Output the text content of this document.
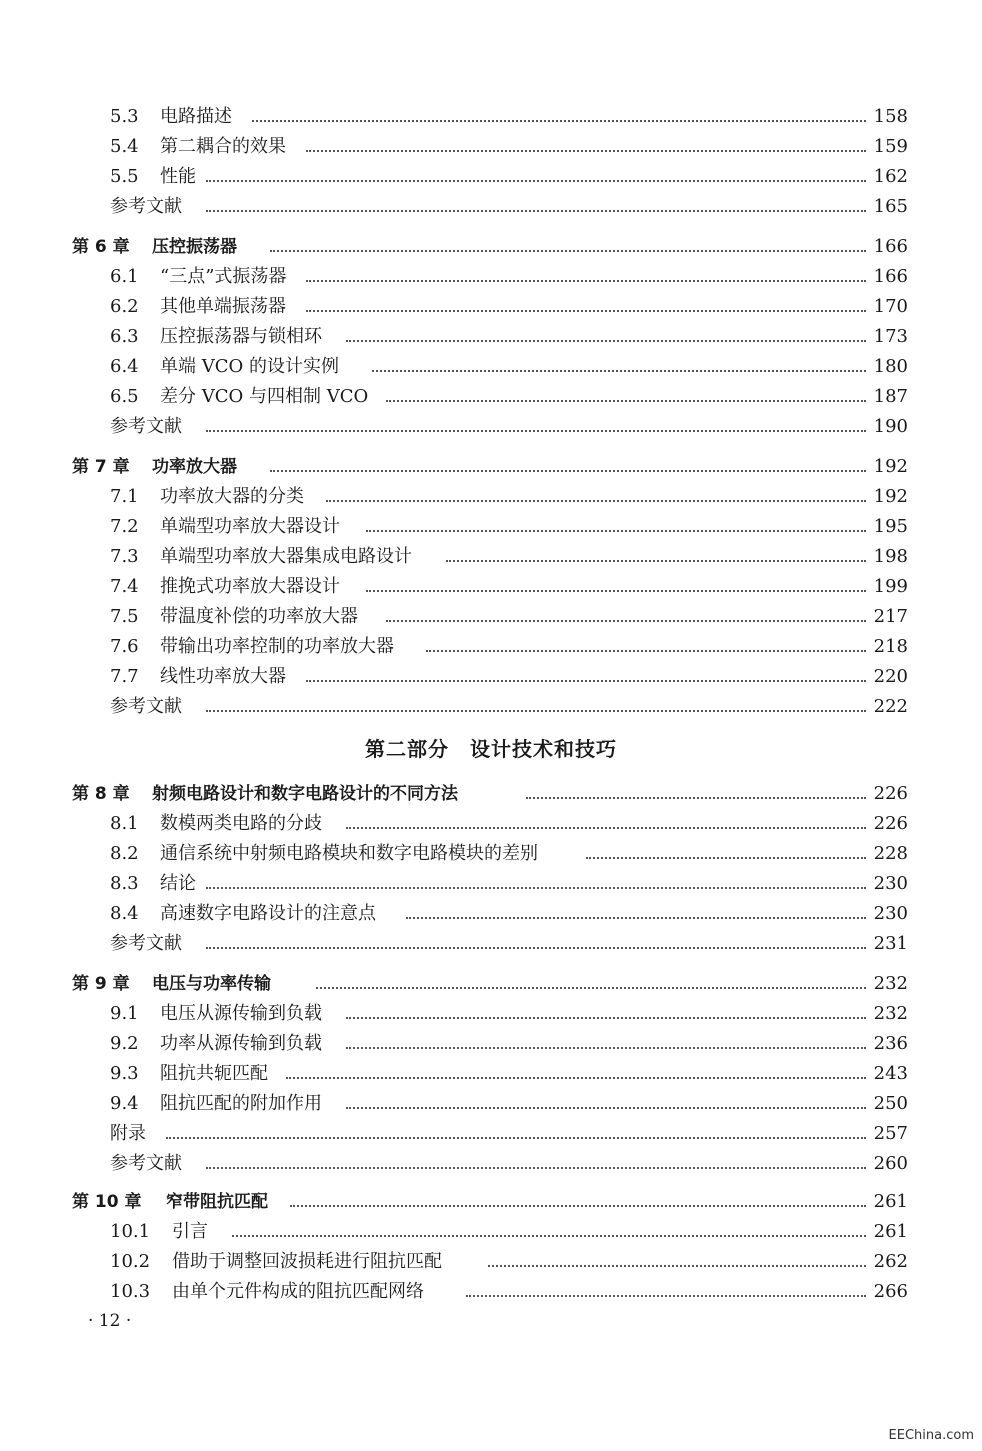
5.3 电路描述	158
5.4 第二耦合的效果	159
5.5 性能	162
参考文献	165
第 6 章 压控振荡器	166
6.1 “三点”式振荡器	166
6.2 其他单端振荡器	170
6.3 压控振荡器与锁相环	173
6.4 单端 VCO 的设计实例	180
6.5 差分 VCO 与四相制 VCO	187
参考文献	190
第 7 章 功率放大器	192
7.1 功率放大器的分类	192
7.2 单端型功率放大器设计	195
7.3 单端型功率放大器集成电路设计	198
7.4 推挽式功率放大器设计	199
7.5 带温度补偿的功率放大器	217
7.6 带输出功率控制的功率放大器	218
7.7 线性功率放大器	220
参考文献	222
第二部分　设计技术和技巧
第 8 章 射频电路设计和数字电路设计的不同方法	226
8.1 数模两类电路的分歧	226
8.2 通信系统中射频电路模块和数字电路模块的差别	228
8.3 结论	230
8.4 高速数字电路设计的注意点	230
参考文献	231
第 9 章 电压与功率传输	232
9.1 电压从源传输到负载	232
9.2 功率从源传输到负载	236
9.3 阻抗共轭匹配	243
9.4 阻抗匹配的附加作用	250
附录	257
参考文献	260
第 10 章 窄带阻抗匹配	261
10.1 引言	261
10.2 借助于调整回波损耗进行阻抗匹配	262
10.3 由单个元件构成的阻抗匹配网络	266
· 12 ·
EEChina.com
